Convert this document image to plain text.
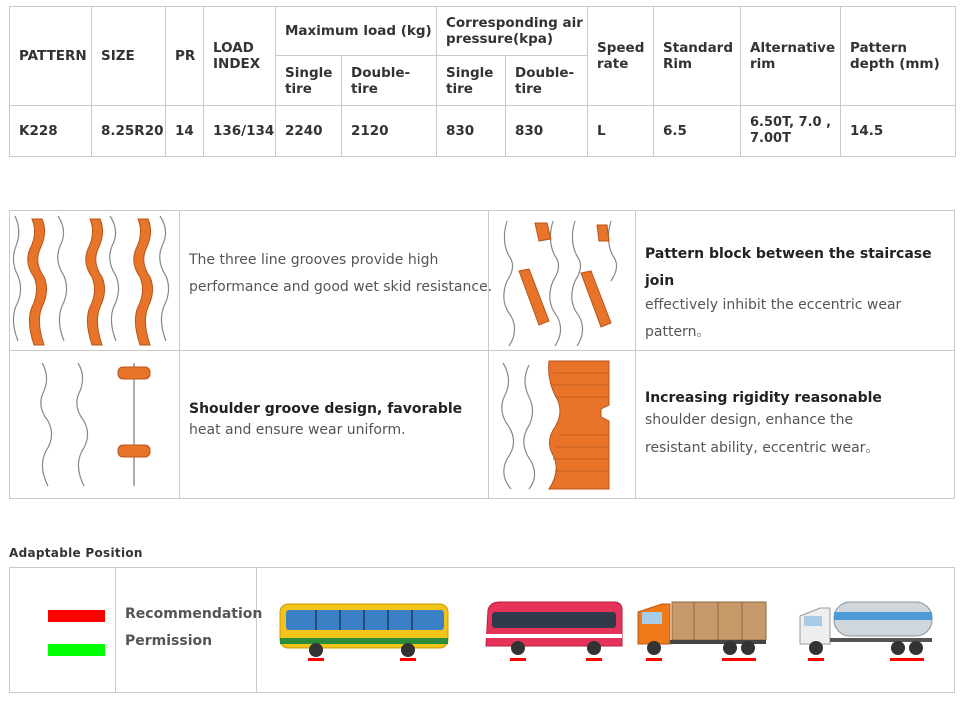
PATTERN	SIZE	PR	LOAD INDEX	Maximum load (kg)		Corresponding air pressure(kpa)		Speed rate	Standard Rim	Alternative rim	Pattern depth (mm)
				Single tire	Double-tire	Single tire	Double-tire				
K228	8.25R20	14	136/134	2240	2120	830	830	L	6.5	6.50T, 7.0 , 7.00T	14.5
The three line grooves provide high
performance and good wet skid resistance.
Pattern block between the staircase join
effectively inhibit the eccentric wear
pattern。
Shoulder groove design, favorable
heat and ensure wear uniform.
Increasing rigidity reasonable
shoulder design, enhance the
resistant ability, eccentric wear。
Adaptable Position
Recommendation
Permission
